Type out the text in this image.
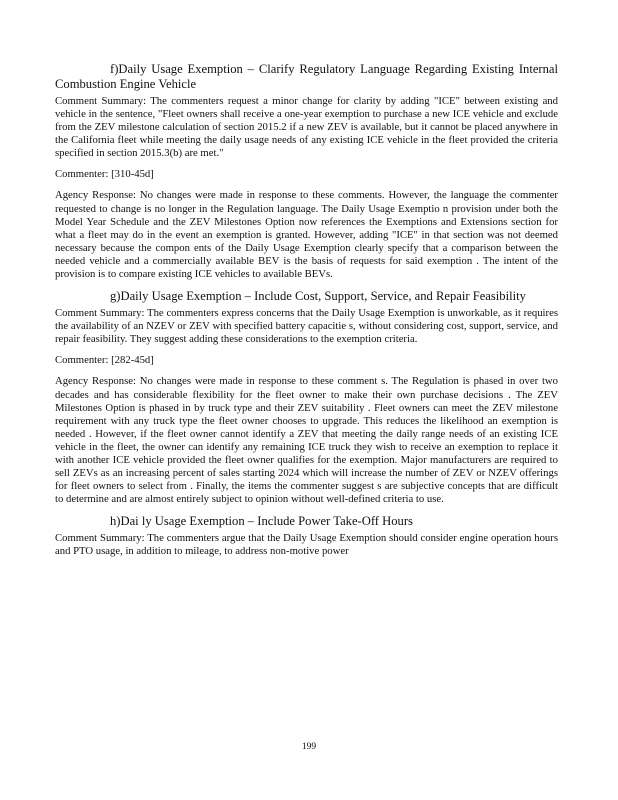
f)Daily Usage Exemption – Clarify Regulatory Language Regarding Existing Internal Combustion Engine Vehicle

Comment Summary: The commenters request a minor change for clarity by adding "ICE" between existing and vehicle in the sentence, "Fleet owners shall receive a one-year exemption to purchase a new ICE vehicle and exclude from the ZEV milestone calculation of section 2015.2 if a new ZEV is available, but it cannot be placed anywhere in the California fleet while meeting the daily usage needs of any existing ICE vehicle in the fleet provided the criteria specified in section 2015.3(b) are met."

Commenter: [310-45d]

Agency Response: No changes were made in response to these comments. However, the language the commenter requested to change is no longer in the Regulation language. The Daily Usage Exemptio n provision under both the Model Year Schedule and the ZEV Milestones Option now references the Exemptions and Extensions section for what a fleet may do in the event an exemption is granted. However, adding "ICE" in that section was not deemed necessary because the compon ents of the Daily Usage Exemption clearly specify that a comparison between the needed vehicle and a commercially available BEV is the basis of requests for said exemption . The intent of the provision is to compare existing ICE vehicles to available BEVs.

g)Daily Usage Exemption – Include Cost, Support, Service, and Repair Feasibility

Comment Summary: The commenters express concerns that the Daily Usage Exemption is unworkable, as it requires the availability of an NZEV or ZEV with specified battery capacitie s, without considering cost, support, service, and repair feasibility. They suggest adding these considerations to the exemption criteria.

Commenter: [282-45d]

Agency Response: No changes were made in response to these comment s. The Regulation is phased in over two decades and has considerable flexibility for the fleet owner to make their own purchase decisions . The ZEV Milestones Option is phased in by truck type and their ZEV suitability . Fleet owners can meet the ZEV milestone requirement with any truck type the fleet owner chooses to upgrade. This reduces the likelihood an exemption is needed . However, if the fleet owner cannot identify a ZEV that meeting the daily range needs of an existing ICE vehicle in the fleet, the owner can identify any remaining ICE truck they wish to receive an exemption to replace it with another ICE vehicle provided the fleet owner qualifies for the exemption. Major manufacturers are required to sell ZEVs as an increasing percent of sales starting 2024 which will increase the number of ZEV or NZEV offerings for fleet owners to select from . Finally, the items the commenter suggest s are subjective concepts that are difficult to determine and are almost entirely subject to opinion without well-defined criteria to use.

h)Dai ly Usage Exemption – Include Power Take-Off Hours

Comment Summary: The commenters argue that the Daily Usage Exemption should consider engine operation hours and PTO usage, in addition to mileage, to address non-motive power

199
